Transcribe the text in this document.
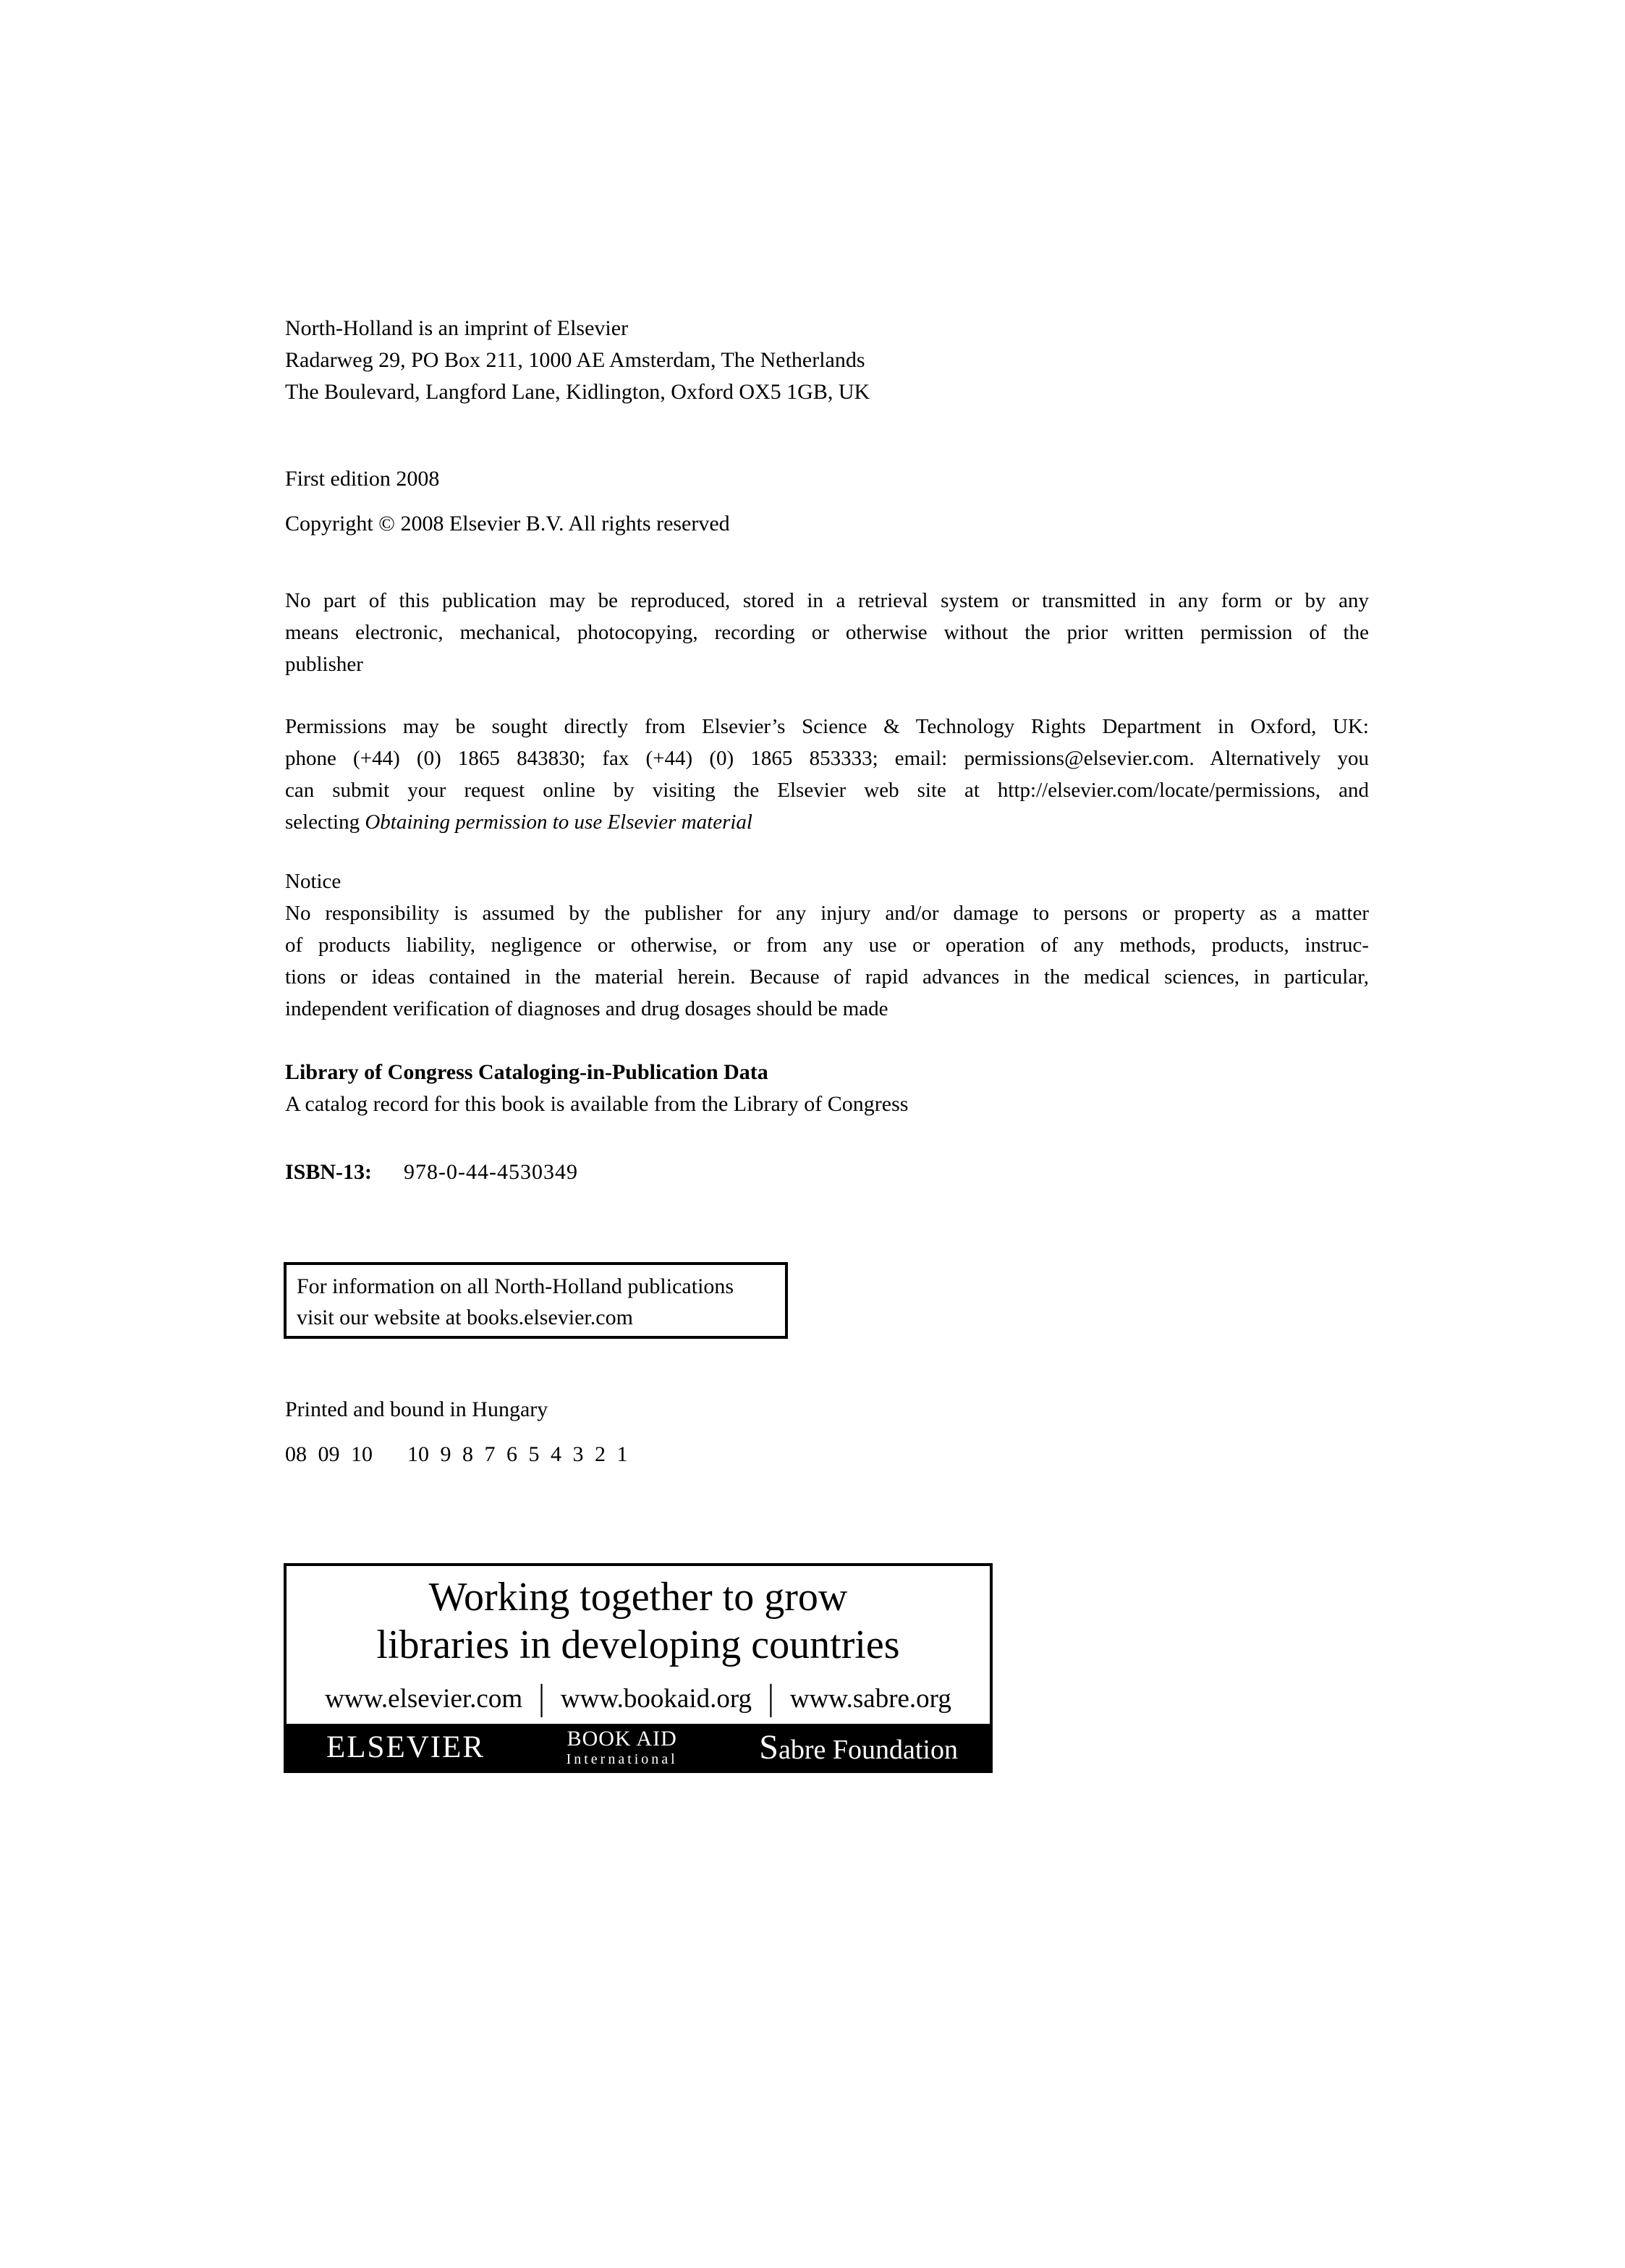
North-Holland is an imprint of Elsevier
Radarweg 29, PO Box 211, 1000 AE Amsterdam, The Netherlands
The Boulevard, Langford Lane, Kidlington, Oxford OX5 1GB, UK
First edition 2008
Copyright © 2008 Elsevier B.V. All rights reserved
No part of this publication may be reproduced, stored in a retrieval system or transmitted in any form or by any
means electronic, mechanical, photocopying, recording or otherwise without the prior written permission of the
publisher
Permissions may be sought directly from Elsevier’s Science & Technology Rights Department in Oxford, UK:
phone (+44) (0) 1865 843830; fax (+44) (0) 1865 853333; email: permissions@elsevier.com. Alternatively you
can submit your request online by visiting the Elsevier web site at http://elsevier.com/locate/permissions, and
selecting Obtaining permission to use Elsevier material
Notice
No responsibility is assumed by the publisher for any injury and/or damage to persons or property as a matter
of products liability, negligence or otherwise, or from any use or operation of any methods, products, instruc-
tions or ideas contained in the material herein. Because of rapid advances in the medical sciences, in particular,
independent verification of diagnoses and drug dosages should be made
Library of Congress Cataloging-in-Publication Data
A catalog record for this book is available from the Library of Congress
ISBN-13: 978-0-44-4530349
For information on all North-Holland publications
visit our website at books.elsevier.com
Printed and bound in Hungary
08 09 10 10 9 8 7 6 5 4 3 2 1
Working together to grow
libraries in developing countries
www.elsevier.com | www.bookaid.org | www.sabre.org
ELSEVIER	BOOK AID
International	Sabre Foundation
